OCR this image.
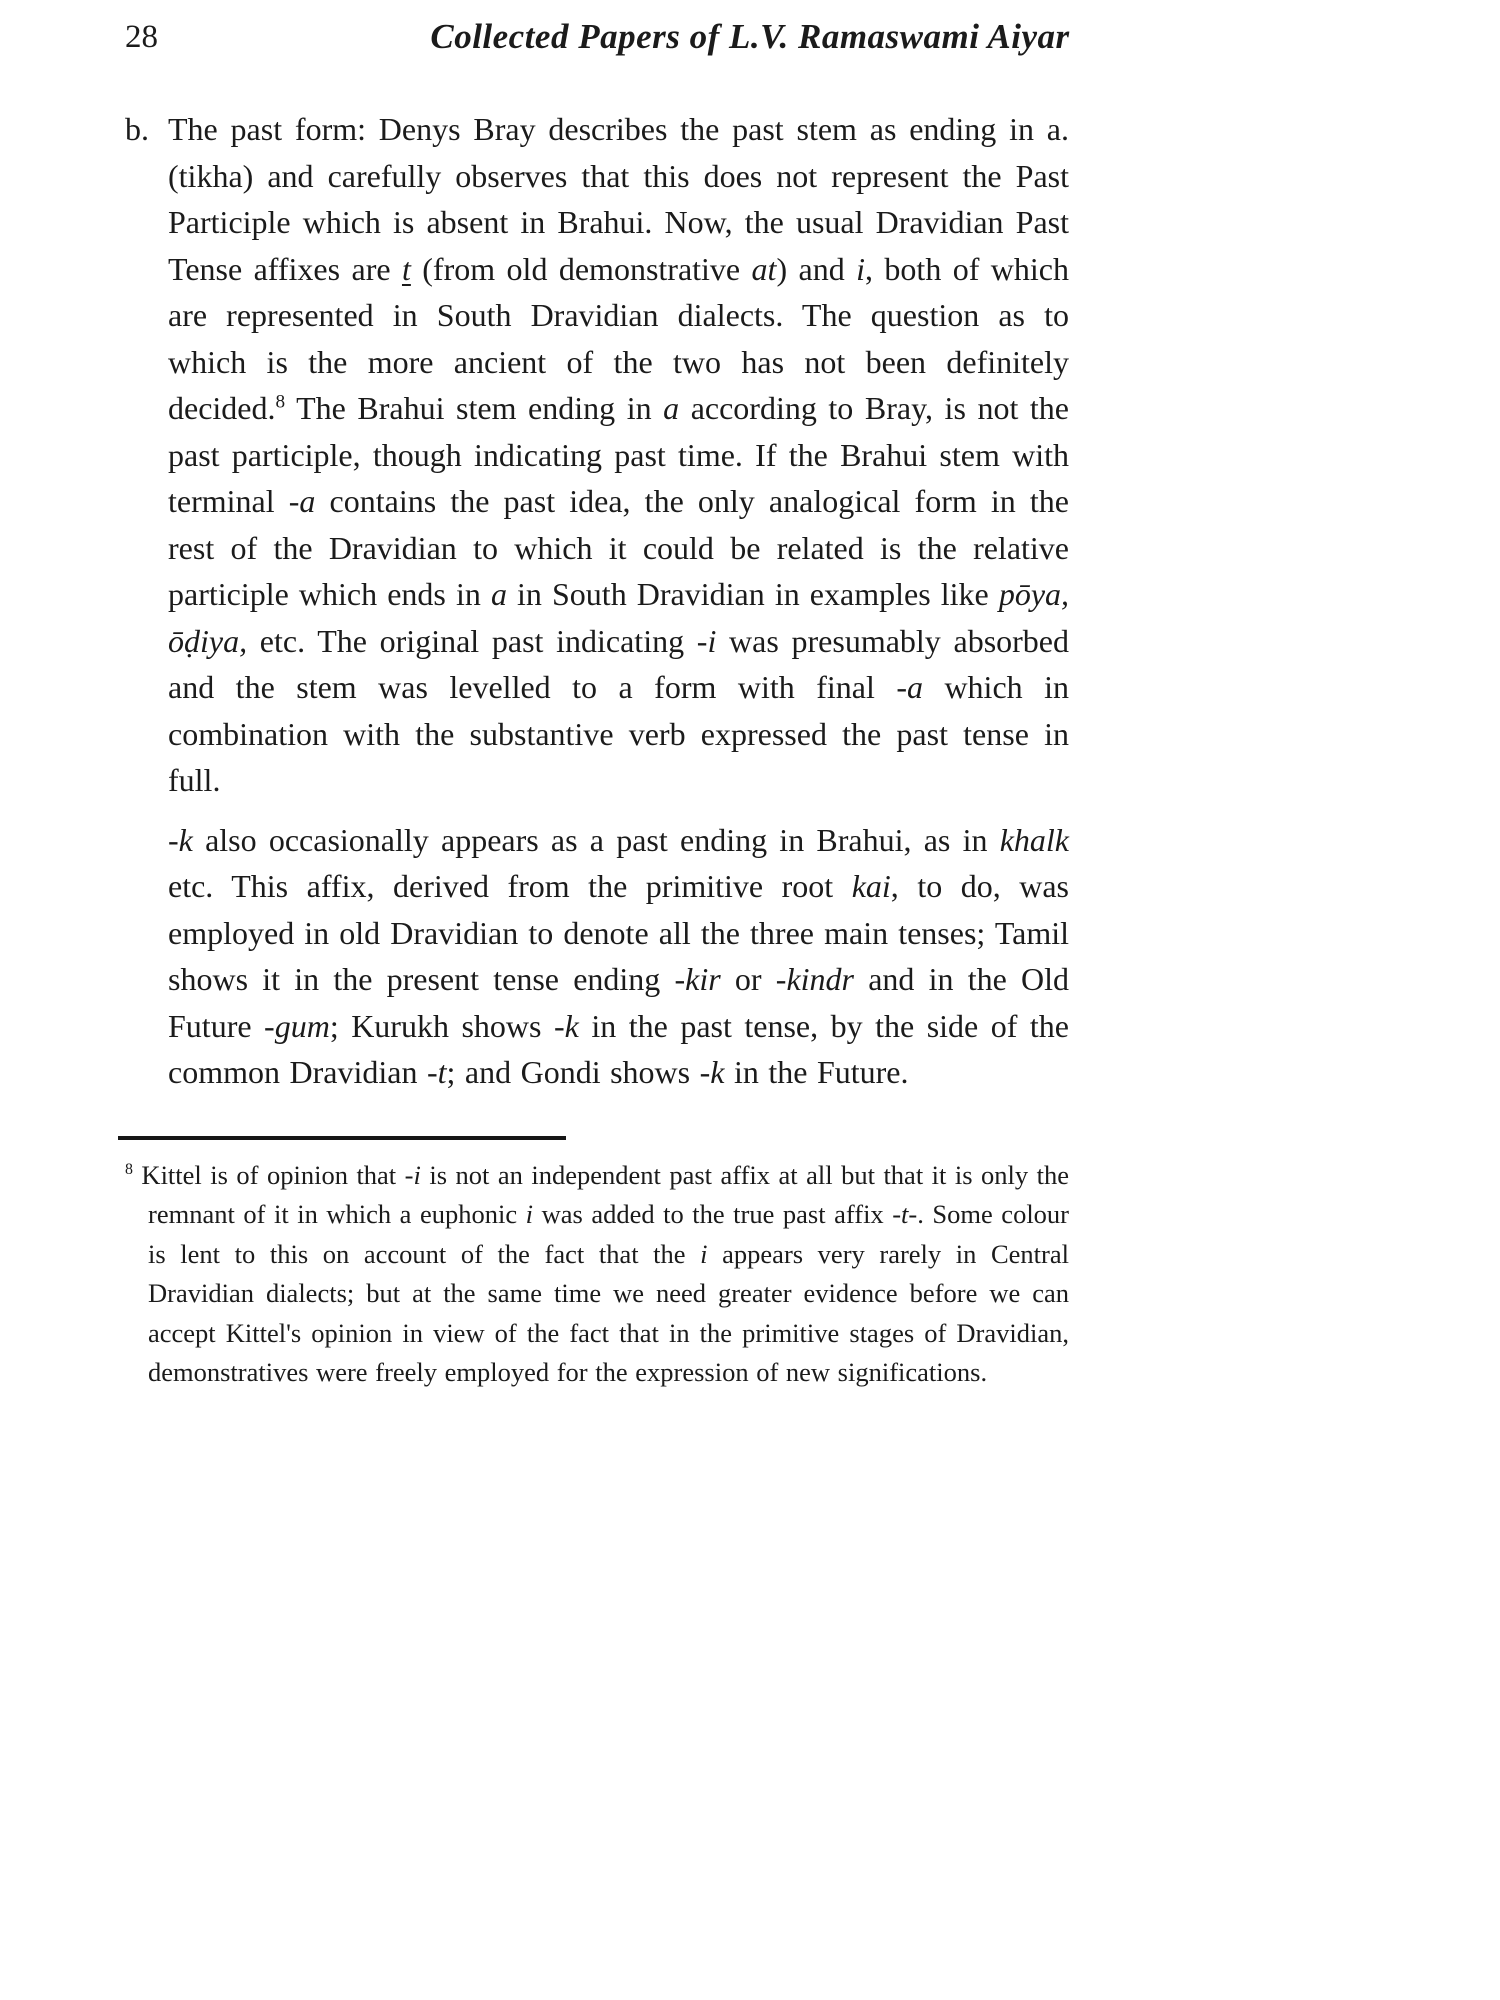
28	Collected Papers of L.V. Ramaswami Aiyar
b. The past form: Denys Bray describes the past stem as ending in a. (tikha) and carefully observes that this does not represent the Past Participle which is absent in Brahui. Now, the usual Dravidian Past Tense affixes are t (from old demonstrative at) and i, both of which are represented in South Dravidian dialects. The question as to which is the more ancient of the two has not been definitely decided.$^8$ The Brahui stem ending in a according to Bray, is not the past participle, though indicating past time. If the Brahui stem with terminal -a contains the past idea, the only analogical form in the rest of the Dravidian to which it could be related is the relative participle which ends in a in South Dravidian in examples like pōya, ōḍiya, etc. The original past indicating -i was presumably absorbed and the stem was levelled to a form with final -a which in combination with the substantive verb expressed the past tense in full.

-k also occasionally appears as a past ending in Brahui, as in khalk etc. This affix, derived from the primitive root kai, to do, was employed in old Dravidian to denote all the three main tenses; Tamil shows it in the present tense ending -kir or -kindr and in the Old Future -gum; Kurukh shows -k in the past tense, by the side of the common Dravidian -t; and Gondi shows -k in the Future.

$^8$ Kittel is of opinion that -i is not an independent past affix at all but that it is only the remnant of it in which a euphonic i was added to the true past affix -t-. Some colour is lent to this on account of the fact that the i appears very rarely in Central Dravidian dialects; but at the same time we need greater evidence before we can accept Kittel's opinion in view of the fact that in the primitive stages of Dravidian, demonstratives were freely employed for the expression of new significations.
